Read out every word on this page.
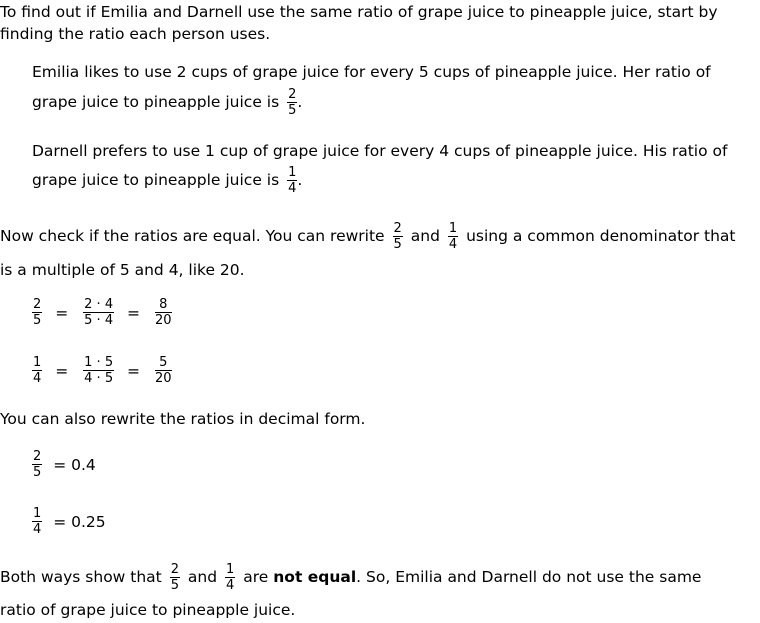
To find out if Emilia and Darnell use the same ratio of grape juice to pineapple juice, start by
finding the ratio each person uses.
Emilia likes to use 2 cups of grape juice for every 5 cups of pineapple juice. Her ratio of
grape juice to pineapple juice is $\frac{2}{5}$ .
Darnell prefers to use 1 cup of grape juice for every 4 cups of pineapple juice. His ratio of
grape juice to pineapple juice is $\frac{1}{4}$ .
Now check if the ratios are equal. You can rewrite $\frac{2}{5}$ and $\frac{1}{4}$ using a common denominator that
is a multiple of 5 and 4, like 20.
$\frac{2}{5} = \frac{2 \cdot 4}{5 \cdot 4} = \frac{8}{20}$
$\frac{1}{4} = \frac{1 \cdot 5}{4 \cdot 5} = \frac{5}{20}$
You can also rewrite the ratios in decimal form.
$\frac{2}{5} = 0.4$
$\frac{1}{4} = 0.25$
Both ways show that $\frac{2}{5}$ and $\frac{1}{4}$ are not equal. So, Emilia and Darnell do not use the same
ratio of grape juice to pineapple juice.
